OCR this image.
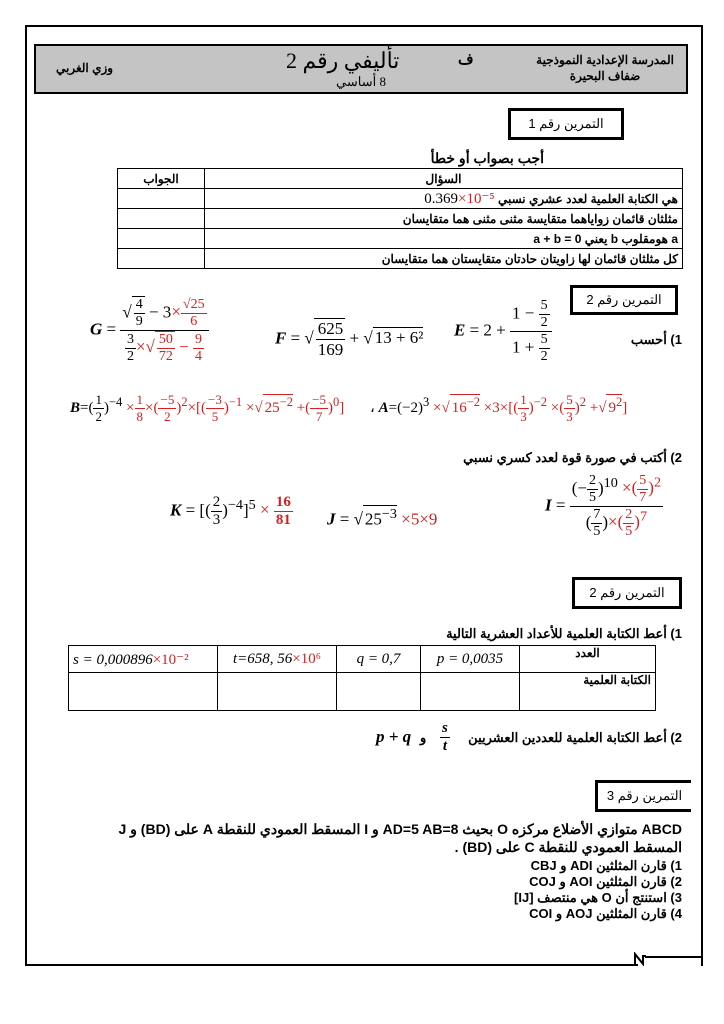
المدرسة الإعدادية النموذجية
ضفاف البحيرة
ف
تأليفي رقم 2
8 أساسي
وزي الغربي
التمرين رقم 1
أجب بصواب أو خطأ
الجواب	السؤال
	هي الكتابة العلمية لعدد عشري نسبي 0.369×10⁻⁵
	مثلثان قائمان زواياهما متقايسة مثنى مثنى هما متقايسان
	a هومقلوب b يعني a + b = 0
	كل مثلثان قائمان لها زاويتان حادتان متقايستان هما متقايسان
التمرين رقم 2
1) أحسب
$E = 2 + \frac{1 - \frac{5}{2}}{1 + \frac{5}{2}}$
F = √ $\frac{625}{169}$ + √ 13 + 6²
$G = \frac{√ \frac{4}{9} - 3\times \frac{√25}{6}}{\frac{3}{2} \times√ \frac{50}{72} - \frac{9}{4}}$
$B=( \frac{1}{2} )^{-4} \times \frac{1}{8}$ ×( $\frac{-5}{2} )^2\times[( \frac{-3}{5} )^{-1}$ ×√ $25^{-2}$ +( $\frac{-5}{7} )^0$] ، $A=(-2)^3$ ×√ $16^{-2} \times 3\times[( \frac{1}{3} )^{-2}$ ×( $\frac{5}{3} )^2$ +√ $9^2$]
2) أكتب في صورة قوة لعدد كسري نسبي
K = [( $\frac{2}{3} )^{-4}]^5 \times \frac{16}{81}$ J = √ $25^{-3} \times 5\times 9$
$I = \frac{(- \frac{2}{5} )^{10} \times( \frac{5}{7} )^2}{( \frac{7}{5} )\times( \frac{2}{5} )^7}$
التمرين رقم 2
1) أعط الكتابة العلمية للأعداد العشرية التالية
s = 0,000896×10⁻²	t=658, 56×10⁶	q = 0,7	p = 0,0035	العدد
				الكتابة العلمية
2) أعط الكتابة العلمية للعددين العشريين
$\frac{s}{t}$
و
p + q
التمرين رقم 3
ABCD متوازي الأضلاع مركزه O بحيث AD=5 AB=8 و I المسقط العمودي للنقطة A على (BD) و J
المسقط العمودي للنقطة C على (BD) .
1) قارن المثلثين ADI و CBJ
2) قارن المثلثين AOI و COJ
3) استنتج أن O هي منتصف [IJ]
4) قارن المثلثين AOJ و COI
